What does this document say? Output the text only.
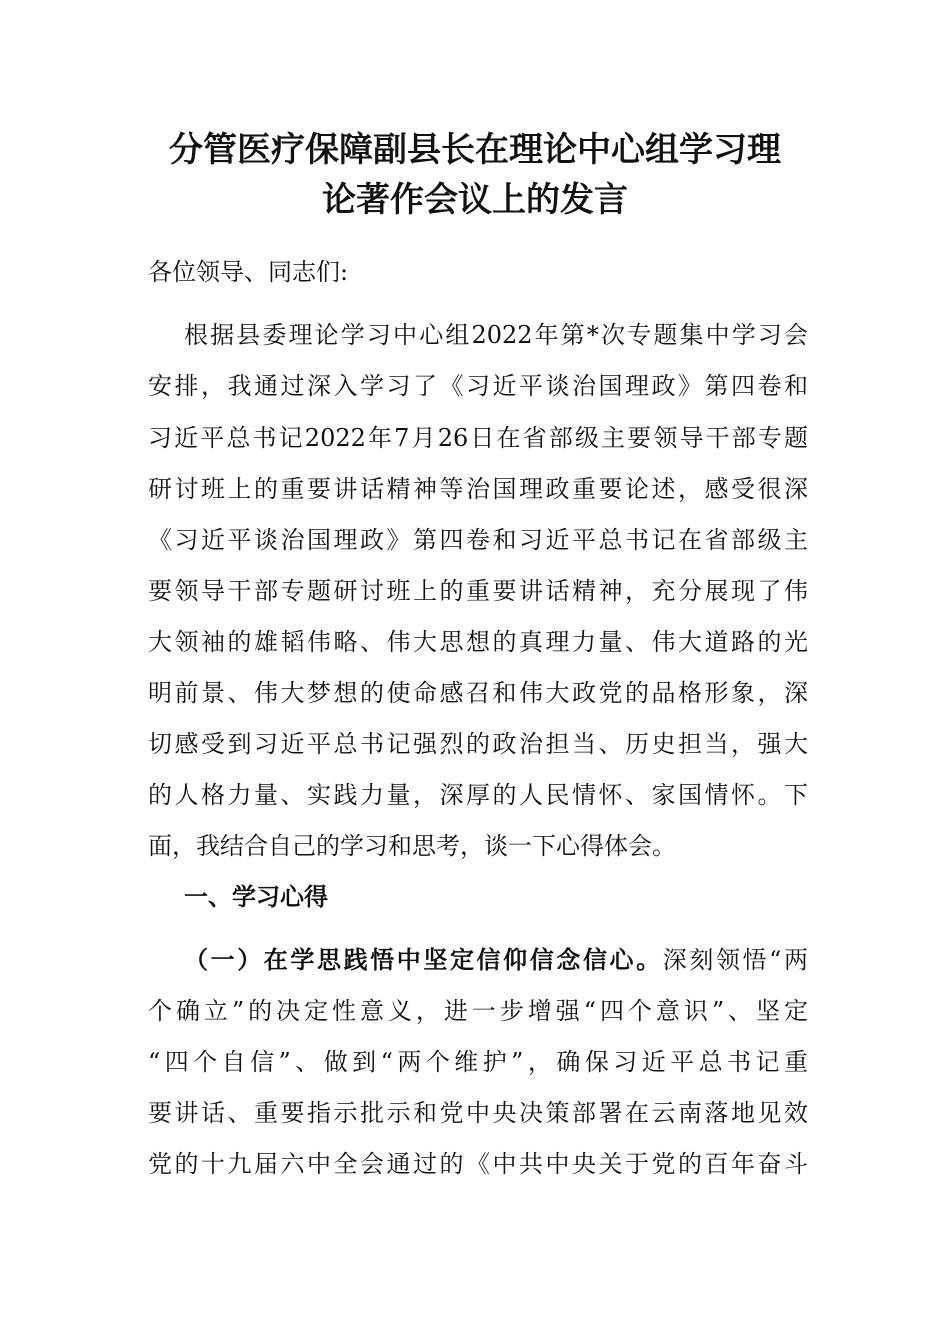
分管医疗保障副县长在理论中心组学习理
论著作会议上的发言
各位领导、同志们:
根据县委理论学习中心组2022年第*次专题集中学习会
安排，我通过深入学习了《习近平谈治国理政》第四卷和
习近平总书记2022年7月26日在省部级主要领导干部专题
研讨班上的重要讲话精神等治国理政重要论述，感受很深
《习近平谈治国理政》第四卷和习近平总书记在省部级主
要领导干部专题研讨班上的重要讲话精神，充分展现了伟
大领袖的雄韬伟略、伟大思想的真理力量、伟大道路的光
明前景、伟大梦想的使命感召和伟大政党的品格形象，深
切感受到习近平总书记强烈的政治担当、历史担当，强大
的人格力量、实践力量，深厚的人民情怀、家国情怀。下
面，我结合自己的学习和思考，谈一下心得体会。
一、学习心得
（一）在学思践悟中坚定信仰信念信心。深刻领悟“两
个确立”的决定性意义，进一步增强“四个意识”、坚定
“四个自信”、做到“两个维护”，确保习近平总书记重
要讲话、重要指示批示和党中央决策部署在云南落地见效
党的十九届六中全会通过的《中共中央关于党的百年奋斗
